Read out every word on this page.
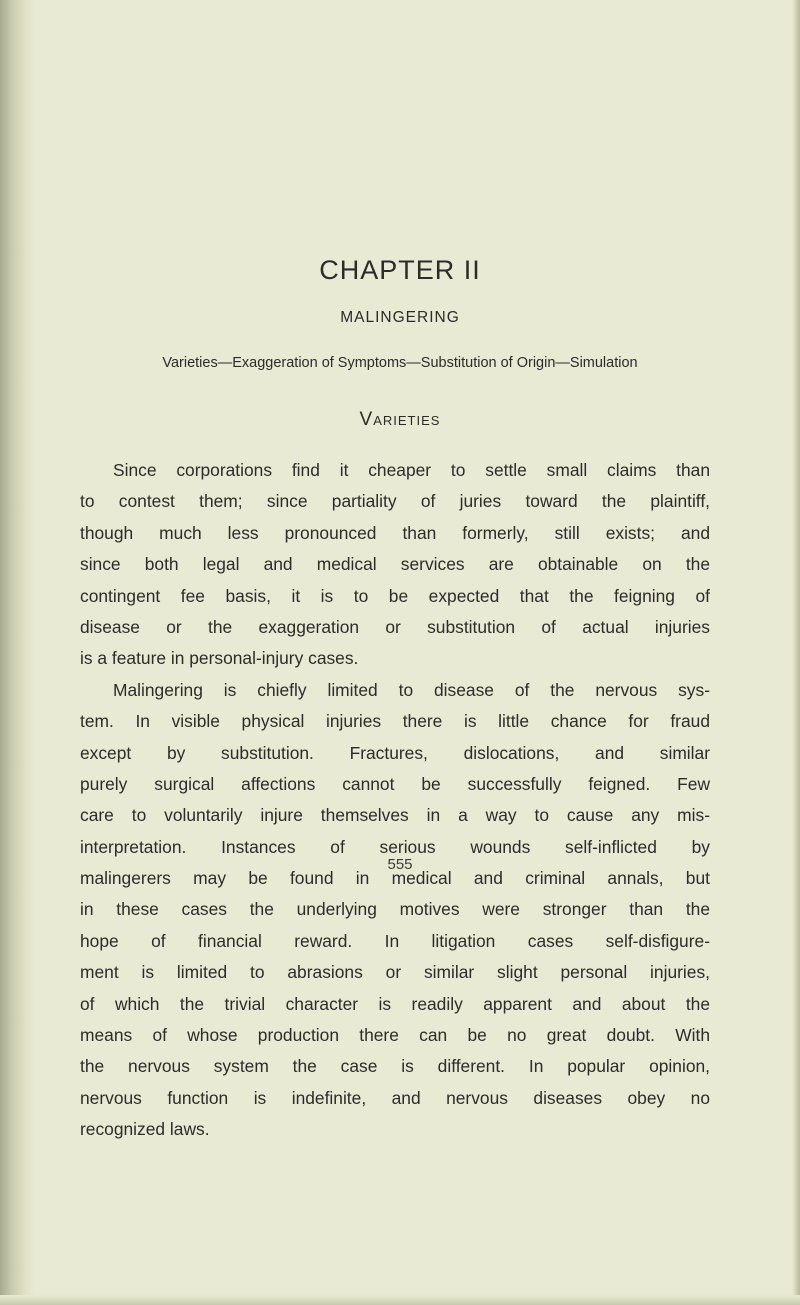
CHAPTER II
MALINGERING
Varieties—Exaggeration of Symptoms—Substitution of Origin—Simulation
Varieties
Since corporations find it cheaper to settle small claims than
to contest them; since partiality of juries toward the plaintiff,
though much less pronounced than formerly, still exists; and
since both legal and medical services are obtainable on the
contingent fee basis, it is to be expected that the feigning of
disease or the exaggeration or substitution of actual injuries
is a feature in personal-injury cases.
Malingering is chiefly limited to disease of the nervous sys-
tem. In visible physical injuries there is little chance for fraud
except by substitution. Fractures, dislocations, and similar
purely surgical affections cannot be successfully feigned. Few
care to voluntarily injure themselves in a way to cause any mis-
interpretation. Instances of serious wounds self-inflicted by
malingerers may be found in medical and criminal annals, but
in these cases the underlying motives were stronger than the
hope of financial reward. In litigation cases self-disfigure-
ment is limited to abrasions or similar slight personal injuries,
of which the trivial character is readily apparent and about the
means of whose production there can be no great doubt. With
the nervous system the case is different. In popular opinion,
nervous function is indefinite, and nervous diseases obey no
recognized laws.
555
